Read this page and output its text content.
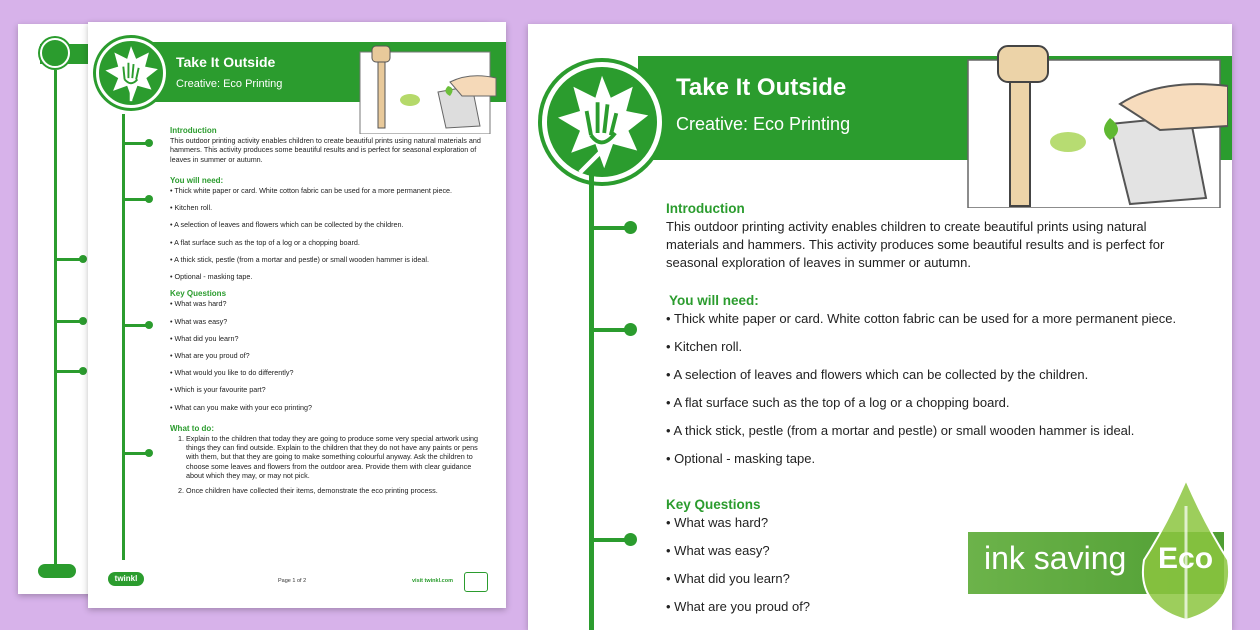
Take It Outside
Creative: Eco Printing
Introduction

This outdoor printing activity enables children to create beautiful prints using natural materials and hammers. This activity produces some beautiful results and is perfect for seasonal exploration of leaves in summer or autumn.

You will need:
• Thick white paper or card. White cotton fabric can be used for a more permanent piece.
• Kitchen roll.
• A selection of leaves and flowers which can be collected by the children.
• A flat surface such as the top of a log or a chopping board.
• A thick stick, pestle (from a mortar and pestle) or small wooden hammer is ideal.
• Optional - masking tape.
Key Questions
• What was hard?
• What was easy?
• What did you learn?
• What are you proud of?
• What would you like to do differently?
• Which is your favourite part?
• What can you make with your eco printing?
What to do:
1. Explain to the children that today they are going to produce some very special artwork using things they can find outside. Explain to the children that they do not have any paints or pens with them, but that they are going to make something colourful anyway. Ask the children to choose some leaves and flowers from the outdoor area. Provide them with clear guidance about which they may, or may not pick.
2. Once children have collected their items, demonstrate the eco printing process.
twinkl	Page 1 of 2	visit twinkl.com
Take It Outside
Creative: Eco Printing
Introduction
This outdoor printing activity enables children to create beautiful prints using natural
materials and hammers. This activity produces some beautiful results and is perfect for
seasonal exploration of leaves in summer or autumn.
You will need:
• Thick white paper or card. White cotton fabric can be used for a more permanent piece.
• Kitchen roll.
• A selection of leaves and flowers which can be collected by the children.
• A flat surface such as the top of a log or a chopping board.
• A thick stick, pestle (from a mortar and pestle) or small wooden hammer is ideal.
• Optional - masking tape.
Key Questions
• What was hard?
• What was easy?
• What did you learn?
• What are you proud of?
ink saving Eco
